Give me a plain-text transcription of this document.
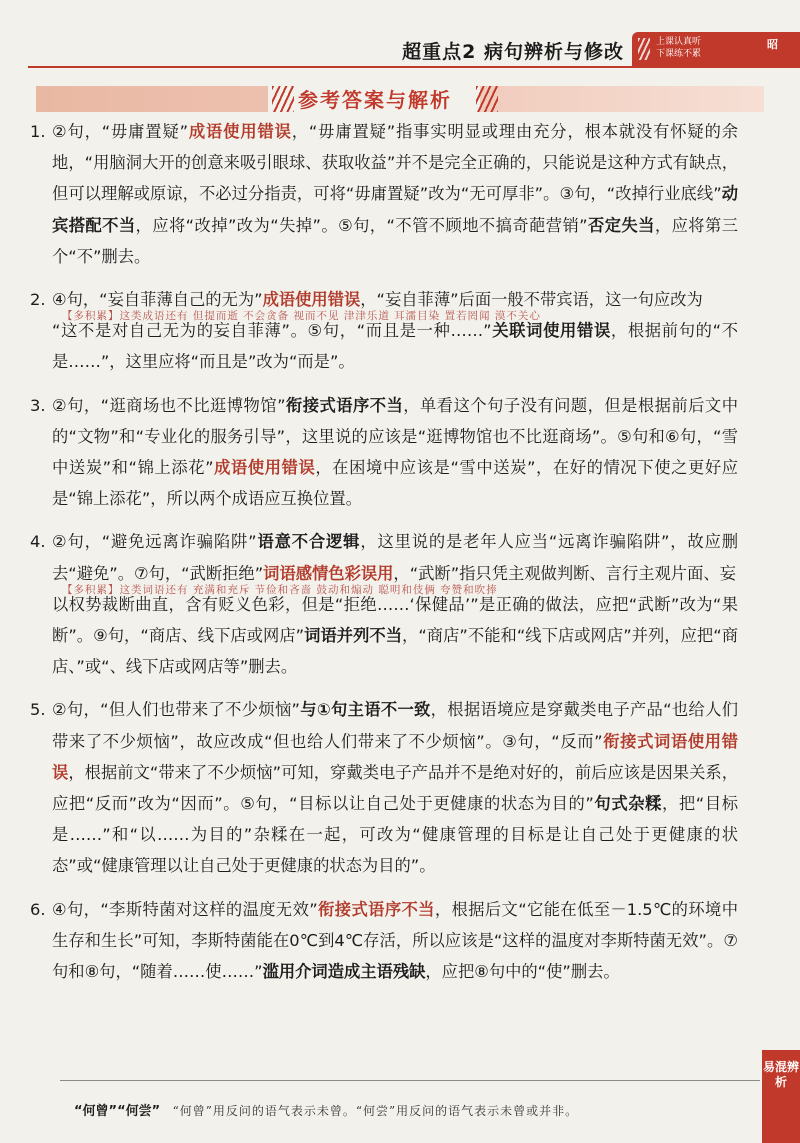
超重点2 病句辨析与修改	上课认真听
下课练不累
昭
参考答案与解析
1. ②句，“毋庸置疑”成语使用错误，“毋庸置疑”指事实明显或理由充分，根本就没有怀疑的余地，“用脑洞大开的创意来吸引眼球、获取收益”并不是完全正确的，只能说是这种方式有缺点，但可以理解或原谅，不必过分指责，可将“毋庸置疑”改为“无可厚非”。③句，“改掉行业底线”动宾搭配不当，应将“改掉”改为“失掉”。⑤句，“不管不顾地不搞奇葩营销”否定失当，应将第三个“不”删去。
2. ④句，“妄自菲薄自己的无为”成语使用错误，“妄自菲薄”后面一般不带宾语，这一句应改为
【多积累】这类成语还有 但提而逝 不会贪备 视而不见 津津乐道 耳濡目染 置若罔闻 漠不关心
“这不是对自己无为的妄自菲薄”。⑤句，“而且是一种……”关联词使用错误，根据前句的“不是……”，这里应将“而且是”改为“而是”。
3. ②句，“逛商场也不比逛博物馆”衔接式语序不当，单看这个句子没有问题，但是根据前后文中的“文物”和“专业化的服务引导”，这里说的应该是“逛博物馆也不比逛商场”。⑤句和⑥句，“雪中送炭”和“锦上添花”成语使用错误，在困境中应该是“雪中送炭”，在好的情况下使之更好应是“锦上添花”，所以两个成语应互换位置。
4. ②句，“避免远离诈骗陷阱”语意不合逻辑，这里说的是老年人应当“远离诈骗陷阱”，故应删去“避免”。⑦句，“武断拒绝”词语感情色彩误用，“武断”指只凭主观做判断、言行主观片面、妄
【多积累】这类词语还有 充满和充斥 节俭和吝啬 鼓动和煽动 聪明和伎俩 夸赞和吹捧
以权势裁断曲直，含有贬义色彩，但是“拒绝……‘保健品’”是正确的做法，应把“武断”改为“果断”。⑨句，“商店、线下店或网店”词语并列不当，“商店”不能和“线下店或网店”并列，应把“商店、”或“、线下店或网店等”删去。
5. ②句，“但人们也带来了不少烦恼”与①句主语不一致，根据语境应是穿戴类电子产品“也给人们带来了不少烦恼”，故应改成“但也给人们带来了不少烦恼”。③句，“反而”衔接式词语使用错误，根据前文“带来了不少烦恼”可知，穿戴类电子产品并不是绝对好的，前后应该是因果关系，应把“反而”改为“因而”。⑤句，“目标以让自己处于更健康的状态为目的”句式杂糅，把“目标是……”和“以……为目的”杂糅在一起，可改为“健康管理的目标是让自己处于更健康的状态”或“健康管理以让自己处于更健康的状态为目的”。
6. ④句，“李斯特菌对这样的温度无效”衔接式语序不当，根据后文“它能在低至－1.5℃的环境中生存和生长”可知，李斯特菌能在0℃到4℃存活，所以应该是“这样的温度对李斯特菌无效”。⑦句和⑧句，“随着……使……”滥用介词造成主语残缺，应把⑧句中的“使”删去。
“何曾”“何尝” “何曾”用反问的语气表示未曾。“何尝”用反问的语气表示未曾或并非。
易混辨析
